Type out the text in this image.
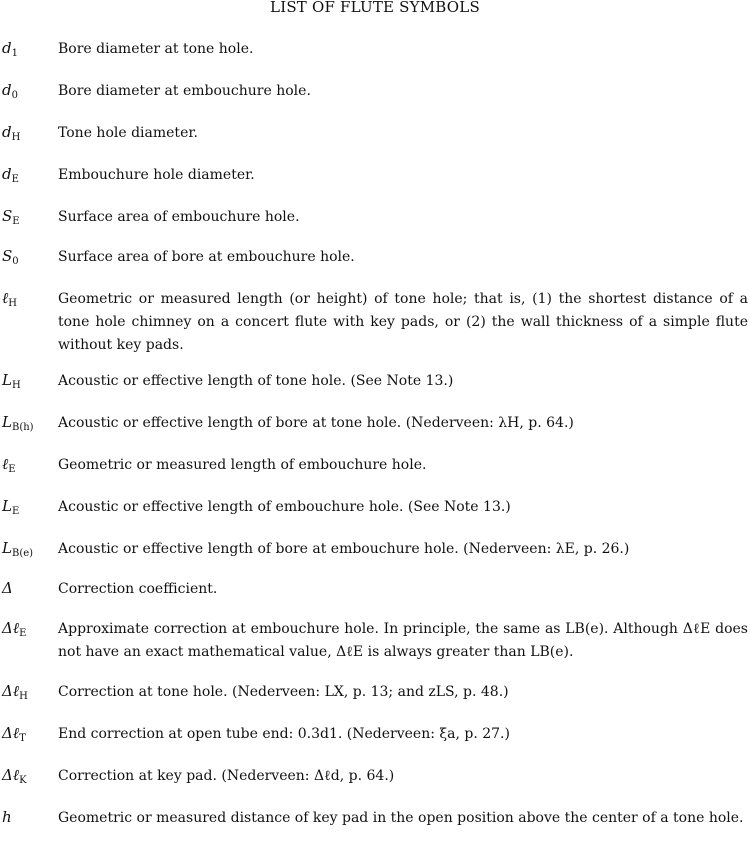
LIST OF FLUTE SYMBOLS
$d_1$	Bore diameter at tone hole.
$d_0$	Bore diameter at embouchure hole.
$d_H$	Tone hole diameter.
$d_E$	Embouchure hole diameter.
$S_E$	Surface area of embouchure hole.
$S_0$	Surface area of bore at embouchure hole.
ℓ$_H$	Geometric or measured length (or height) of tone hole; that is, (1) the shortest distance of a tone hole chimney on a concert flute with key pads, or (2) the wall thickness of a simple flute without key pads.
$L_H$	Acoustic or effective length of tone hole. (See Note 13.)
$L_{B(h)}$ Acoustic or effective length of bore at tone hole. (Nederveen: λH, p. 64.)
ℓ$_E$	Geometric or measured length of embouchure hole.
$L_E$	Acoustic or effective length of embouchure hole. (See Note 13.)
$L_{B(e)}$ Acoustic or effective length of bore at embouchure hole. (Nederveen: λE, p. 26.)
Δ	Correction coefficient.
Δℓ$_E$ Approximate correction at embouchure hole. In principle, the same as LB(e). Although ΔℓE does not have an exact mathematical value, ΔℓE is always greater than LB(e).
Δℓ$_H$ Correction at tone hole. (Nederveen: LX, p. 13; and zLS, p. 48.)
Δℓ$_T$ End correction at open tube end: 0.3d1. (Nederveen: ξa, p. 27.)
Δℓ$_K$ Correction at key pad. (Nederveen: Δℓd, p. 64.)
h	Geometric or measured distance of key pad in the open position above the center of a tone hole.
